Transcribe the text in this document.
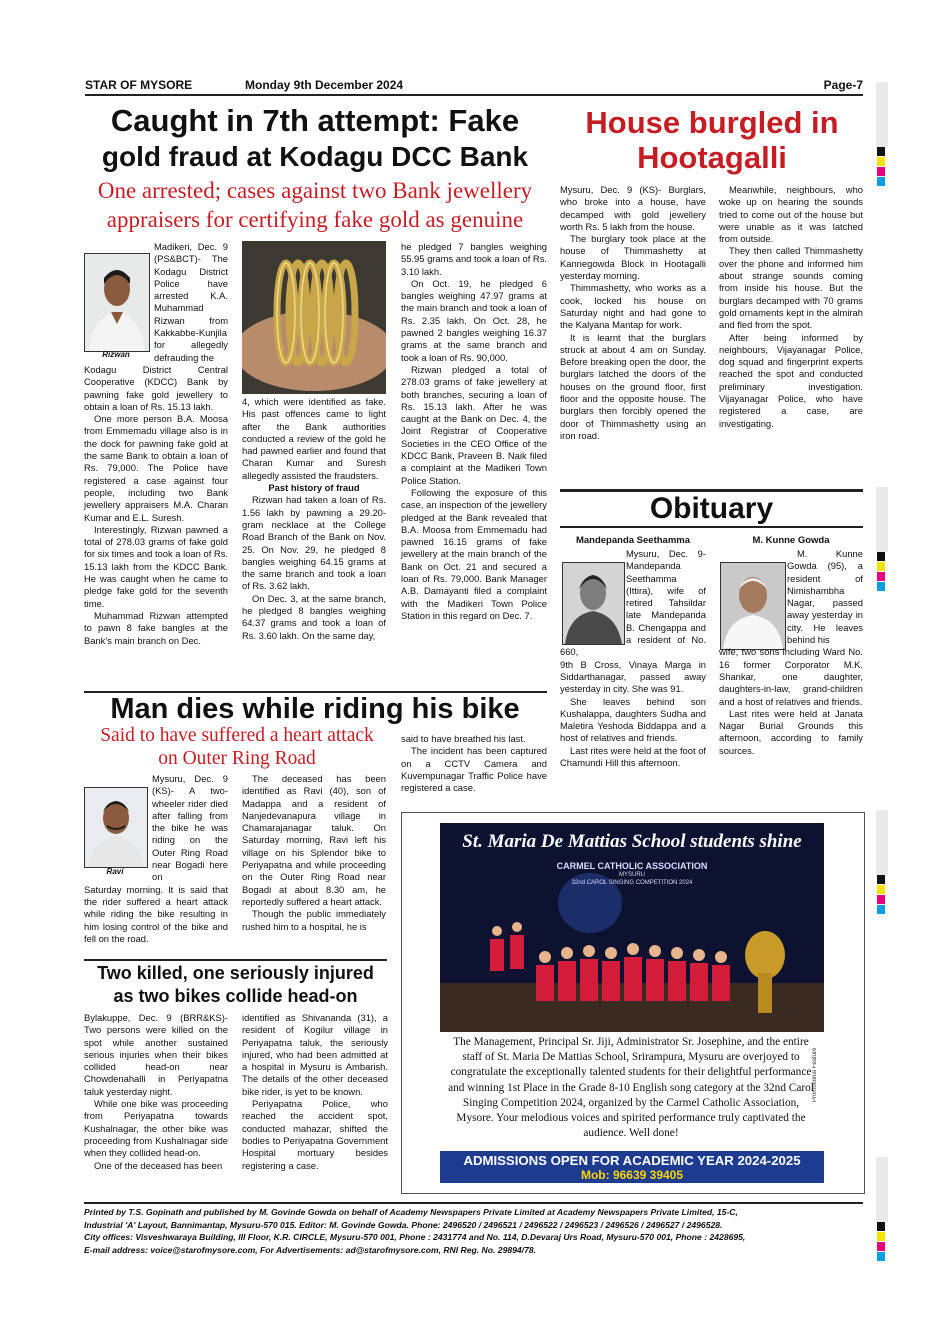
STAR OF MYSORE	Monday 9th December 2024	Page-7
Caught in 7th attempt: Fake
gold fraud at Kodagu DCC Bank
One arrested; cases against two Bank jewellery
appraisers for certifying fake gold as genuine
Rizwan

Madikeri, Dec. 9 (PS&BCT)- The Kodagu District Police have arrested K.A. Muhammad Rizwan from Kakkabbe-Kunjila for allegedly defrauding the

Kodagu District Central Cooperative (KDCC) Bank by pawning fake gold jewellery to obtain a loan of Rs. 15.13 lakh.

One more person B.A. Moosa from Emmemadu village also is in the dock for pawning fake gold at the same Bank to obtain a loan of Rs. 79,000. The Police have registered a case against four people, including two Bank jewellery appraisers M.A. Charan Kumar and E.L. Suresh.

Interestingly, Rizwan pawned a total of 278.03 grams of fake gold for six times and took a loan of Rs. 15.13 lakh from the KDCC Bank. He was caught when he came to pledge fake gold for the seventh time.

Muhammad Rizwan attempted to pawn 8 fake bangles at the Bank's main branch on Dec.

4, which were identified as fake. His past offences came to light after the Bank authorities conducted a review of the gold he had pawned earlier and found that Charan Kumar and Suresh allegedly assisted the fraudsters.

Past history of fraud

Rizwan had taken a loan of Rs. 1.56 lakh by pawning a 29.20-gram necklace at the College Road Branch of the Bank on Nov. 25. On Nov. 29, he pledged 8 bangles weighing 64.15 grams at the same branch and took a loan of Rs. 3.62 lakh.

On Dec. 3, at the same branch, he pledged 8 bangles weighing 64.37 grams and took a loan of Rs. 3.60 lakh. On the same day,

he pledged 7 bangles weighing 55.95 grams and took a loan of Rs. 3.10 lakh.

On Oct. 19, he pledged 6 bangles weighing 47.97 grams at the main branch and took a loan of Rs. 2.35 lakh. On Oct. 28, he pawned 2 bangles weighing 16.37 grams at the same branch and took a loan of Rs. 90,000.

Rizwan pledged a total of 278.03 grams of fake jewellery at both branches, securing a loan of Rs. 15.13 lakh. After he was caught at the Bank on Dec. 4, the Joint Registrar of Cooperative Societies in the CEO Office of the KDCC Bank, Praveen B. Naik filed a complaint at the Madikeri Town Police Station.

Following the exposure of this case, an inspection of the jewellery pledged at the Bank revealed that B.A. Moosa from Emmemadu had pawned 16.15 grams of fake jewellery at the main branch of the Bank on Oct. 21 and secured a loan of Rs. 79,000. Bank Manager A.B. Damayanti filed a complaint with the Madikeri Town Police Station in this regard on Dec. 7.

House burgled in
Hootagalli

Mysuru, Dec. 9 (KS)- Burglars, who broke into a house, have decamped with gold jewellery worth Rs. 5 lakh from the house.

The burglary took place at the house of Thimmashetty at Kannegowda Block in Hootagalli yesterday morning.

Thimmashetty, who works as a cook, locked his house on Saturday night and had gone to the Kalyana Mantap for work.

It is learnt that the burglars struck at about 4 am on Sunday. Before breaking open the door, the burglars latched the doors of the houses on the ground floor, first floor and the opposite house. The burglars then forcibly opened the door of Thimmashetty using an iron road.

Meanwhile, neighbours, who woke up on hearing the sounds tried to come out of the house but were unable as it was latched from outside.

They then called Thimmashetty over the phone and informed him about strange sounds coming from inside his house. But the burglars decamped with 70 grams gold ornaments kept in the almirah and fled from the spot.

After being informed by neighbours, Vijayanagar Police, dog squad and fingerprint experts reached the spot and conducted preliminary investigation. Vijayanagar Police, who have registered a case, are investigating.

Obituary
Mandepanda Seethamma	M. Kunne Gowda

Mysuru, Dec. 9- Mandepanda Seethamma (Ittira), wife of retired Tahsildar late Mandepanda B. Chengappa and a resident of No. 660,

9th B Cross, Vinaya Marga in Siddarthanagar, passed away yesterday in city. She was 91.

She leaves behind son Kushalappa, daughters Sudha and Maletira Yeshoda Biddappa and a host of relatives and friends.

Last rites were held at the foot of Chamundi Hill this afternoon.

M. Kunne Gowda (95), a resident of Nimishambha Nagar, passed away yesterday in city. He leaves behind his

wife, two sons including Ward No. 16 former Corporator M.K. Shankar, one daughter, daughters-in-law, grand-children and a host of relatives and friends.

Last rites were held at Janata Nagar Burial Grounds this afternoon, according to family sources.

Man dies while riding his bike
Said to have suffered a heart attack
on Outer Ring Road
Ravi

Mysuru, Dec. 9 (KS)- A two-wheeler rider died after falling from the bike he was riding on the Outer Ring Road near Bogadi here on

Saturday morning. It is said that the rider suffered a heart attack while riding the bike resulting in him losing control of the bike and fell on the road.

The deceased has been identified as Ravi (40), son of Madappa and a resident of Nanjedevanapura village in Chamarajanagar taluk. On Saturday morning, Ravi left his village on his Splendor bike to Periyapatna and while proceeding on the Outer Ring Road near Bogadi at about 8.30 am, he reportedly suffered a heart attack.

Though the public immediately rushed him to a hospital, he is

said to have breathed his last.

The incident has been captured on a CCTV Camera and Kuvempunagar Traffic Police have registered a case.

Two killed, one seriously injured
as two bikes collide head-on

Bylakuppe, Dec. 9 (BRR&KS)- Two persons were killed on the spot while another sustained serious injuries when their bikes collided head-on near Chowdenahalli in Periyapatna taluk yesterday night.

While one bike was proceeding from Periyapatna towards Kushalnagar, the other bike was proceeding from Kushalnagar side when they collided head-on.

One of the deceased has been

identified as Shivananda (31), a resident of Kogilur village in Periyapatna taluk, the seriously injured, who had been admitted at a hospital in Mysuru is Ambarish. The details of the other deceased bike rider, is yet to be known.

Periyapatna Police, who reached the accident spot, conducted mahazar, shifted the bodies to Periyapatna Government Hospital mortuary besides registering a case.

St. Maria De Mattias School students shine
CARMEL CATHOLIC ASSOCIATION
MYSURU
32nd CAROL SINGING COMPETITION 2024
The Management, Principal Sr. Jiji, Administrator Sr. Josephine, and the entire staff of St. Maria De Mattias School, Srirampura, Mysuru are overjoyed to congratulate the exceptionally talented students for their delightful performance and winning 1st Place in the Grade 8-10 English song category at the 32nd Carol Singing Competition 2024, organized by the Carmel Catholic Association, Mysore. Your melodious voices and spirited performance truly captivated the audience. Well done!
Promotional Feature
ADMISSIONS OPEN FOR ACADEMIC YEAR 2024-2025
Mob: 96639 39405
Printed by T.S. Gopinath and published by M. Govinde Gowda on behalf of Academy Newspapers Private Limited at Academy Newspapers Private Limited, 15-C,
Industrial 'A' Layout, Bannimantap, Mysuru-570 015. Editor: M. Govinde Gowda. Phone: 2496520 / 2496521 / 2496522 / 2496523 / 2496526 / 2496527 / 2496528.
City offices: Visveshwaraya Building, III Floor, K.R. CIRCLE, Mysuru-570 001, Phone : 2431774 and No. 114, D.Devaraj Urs Road, Mysuru-570 001, Phone : 2428695,
E-mail address: voice@starofmysore.com, For Advertisements: ad@starofmysore.com, RNI Reg. No. 29894/78.
